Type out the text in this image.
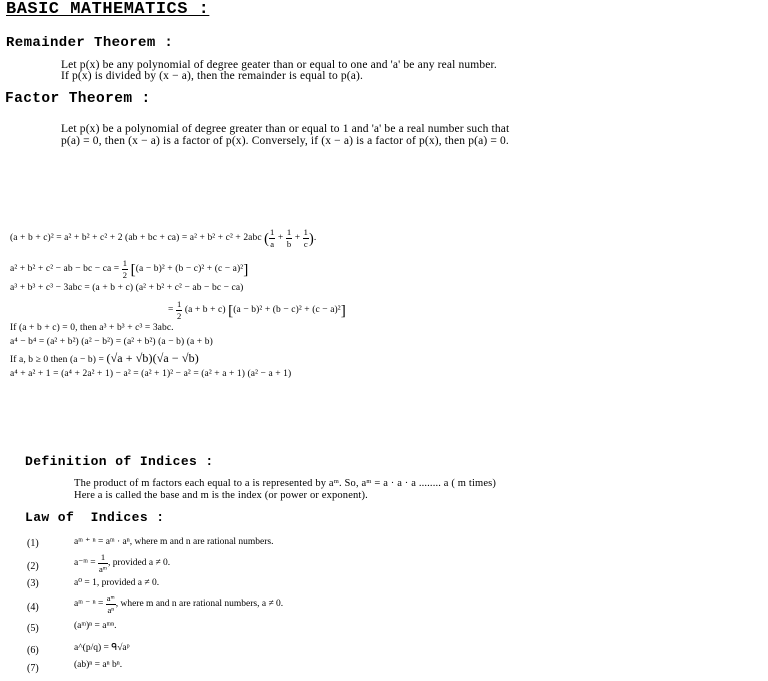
BASIC MATHEMATICS :
Remainder Theorem :
Let p(x) be any polynomial of degree geater than or equal to one and 'a' be any real number.
If p(x) is divided by (x − a), then the remainder is equal to p(a).
Factor Theorem :
Let p(x) be a polynomial of degree greater than or equal to 1 and 'a' be a real number such that
p(a) = 0, then (x − a) is a factor of p(x). Conversely, if (x − a) is a factor of p(x), then p(a) = 0.
(a + b + c)² = a² + b² + c² + 2 (ab + bc + ca) = a² + b² + c² + 2abc ( $\frac{1}{a} + \frac{1}{b} + \frac{1}{c}$ ).
a² + b² + c² − ab − bc − ca = $\frac{1}{2} [(a - b)^2 + (b - c)^2 + (c - a)^2]$
a³ + b³ + c³ − 3abc = (a + b + c) (a² + b² + c² − ab − bc − ca)
= $\frac{1}{2} (a + b + c) [(a - b)^2 + (b - c)^2 + (c - a)^2]$
If (a + b + c) = 0, then a³ + b³ + c³ = 3abc.
a⁴ − b⁴ = (a² + b²) (a² − b²) = (a² + b²) (a − b) (a + b)
If a, b ≥ 0 then (a − b) = (√a + √b)(√a − √b)
a⁴ + a² + 1 = (a⁴ + 2a² + 1) − a² = (a² + 1)² − a² = (a² + a + 1) (a² − a + 1)
Definition of Indices :
The product of m factors each equal to a is represented by aᵐ. So, aᵐ = a · a · a ........ a ( m times)
Here a is called the base and m is the index (or power or exponent).
Law of  Indices :
(1)	aᵐ ⁺ ⁿ = aᵐ · aⁿ, where m and n are rational numbers.
(2)	a⁻ᵐ = $\frac{1}{\text{aᵐ}}$ , provided a ≠ 0.
(3)	a⁰ = 1, provided a ≠ 0.
(4)	aᵐ ⁻ $^n = \frac{\text{aᵐ}}{\text{aⁿ}}$ , where m and n are rational numbers, a ≠ 0.
(5)	(aᵐ)ⁿ = aᵐⁿ.
(6)	a^(p/q) = ᑫ√aᵖ
(7)	(ab)ⁿ = aⁿ bⁿ.
